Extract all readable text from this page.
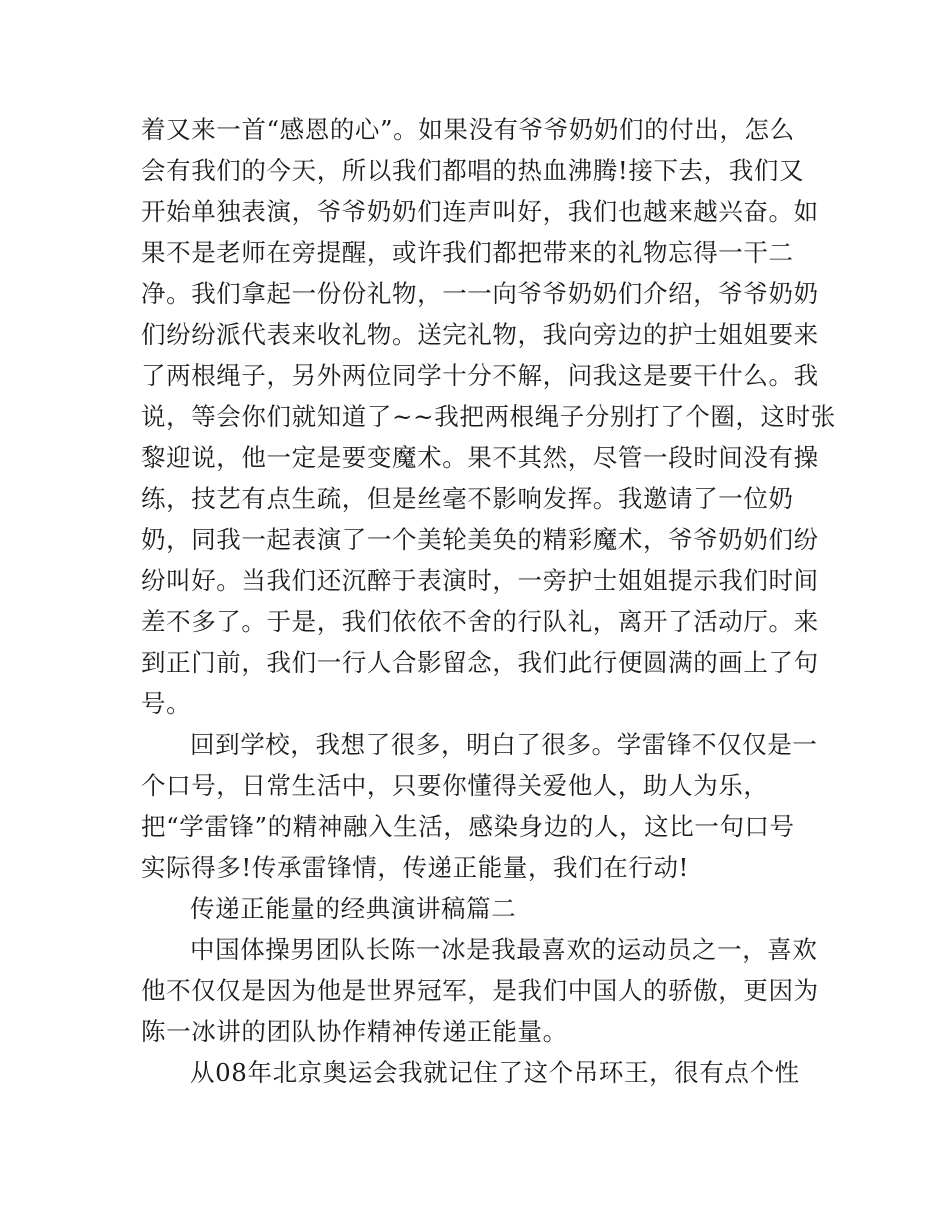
着又来一首“感恩的心”。如果没有爷爷奶奶们的付出，怎么
会有我们的今天，所以我们都唱的热血沸腾!接下去，我们又
开始单独表演，爷爷奶奶们连声叫好，我们也越来越兴奋。如
果不是老师在旁提醒，或许我们都把带来的礼物忘得一干二
净。我们拿起一份份礼物，一一向爷爷奶奶们介绍，爷爷奶奶
们纷纷派代表来收礼物。送完礼物，我向旁边的护士姐姐要来
了两根绳子，另外两位同学十分不解，问我这是要干什么。我
说，等会你们就知道了~~我把两根绳子分别打了个圈，这时张
黎迎说，他一定是要变魔术。果不其然，尽管一段时间没有操
练，技艺有点生疏，但是丝毫不影响发挥。我邀请了一位奶
奶，同我一起表演了一个美轮美奂的精彩魔术，爷爷奶奶们纷
纷叫好。当我们还沉醉于表演时，一旁护士姐姐提示我们时间
差不多了。于是，我们依依不舍的行队礼，离开了活动厅。来
到正门前，我们一行人合影留念，我们此行便圆满的画上了句
号。
回到学校，我想了很多，明白了很多。学雷锋不仅仅是一
个口号，日常生活中，只要你懂得关爱他人，助人为乐，
把“学雷锋”的精神融入生活，感染身边的人，这比一句口号
实际得多!传承雷锋情，传递正能量，我们在行动!
传递正能量的经典演讲稿篇二
中国体操男团队长陈一冰是我最喜欢的运动员之一，喜欢
他不仅仅是因为他是世界冠军，是我们中国人的骄傲，更因为
陈一冰讲的团队协作精神传递正能量。
从08年北京奥运会我就记住了这个吊环王，很有点个性
